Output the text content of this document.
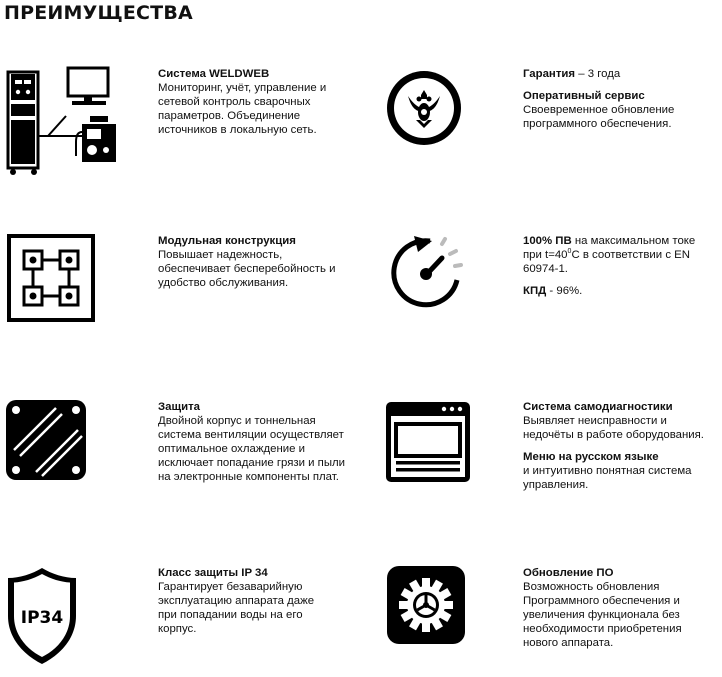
ПРЕИМУЩЕСТВА
IP34
Система WELDWEB
Мониторинг, учёт, управление и сетевой контроль сварочных параметров. Объединение источников в локальную сеть.
Модульная конструкция
Повышает надежность, обеспечивает бесперебойность и удобство обслуживания.
Защита
Двойной корпус и тоннельная система вентиляции осуществляет оптимальное охлаждение и исключает попадание грязи и пыли на электронные компоненты плат.
Класс защиты IP 34
Гарантирует безаварийную эксплуатацию аппарата даже при попадании воды на его корпус.
Гарантия – 3 года
Оперативный сервис
Своевременное обновление программного обеспечения.
100% ПВ на максимальном токе при $t=40^0C$ в соответствии с EN 60974-1.
КПД - 96%.
Система самодиагностики
Выявляет неисправности и недочёты в работе оборудования.
Меню на русском языке
и интуитивно понятная система управления.
Обновление ПО
Возможность обновления Программного обеспечения и увеличения функционала без необходимости приобретения нового аппарата.
